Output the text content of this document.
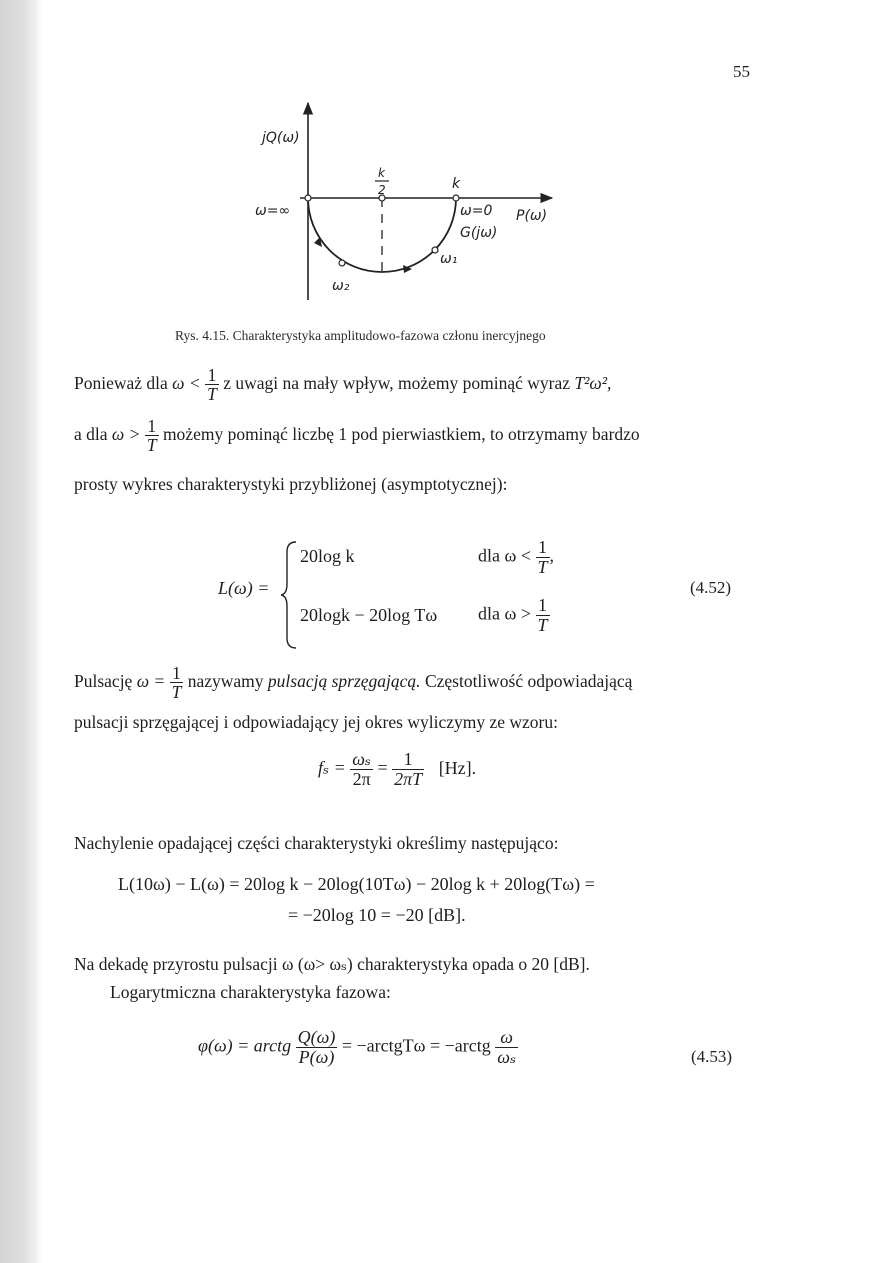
55
jQ(ω)
P(ω)
ω=∞
k
2	k
ω=0
G(jω)
ω₁
ω₂
Rys. 4.15. Charakterystyka amplitudowo-fazowa członu inercyjnego
Ponieważ dla $\omega < \frac{1}{T}$ z uwagi na mały wpływ, możemy pominąć wyraz T²ω²,
a dla $\omega > \frac{1}{T}$ możemy pominąć liczbę 1 pod pierwiastkiem, to otrzymamy bardzo
prosty wykres charakterystyki przybliżonej (asymptotycznej):
L(ω) =
20log k	dla $\omega < \frac{1}{T}$ ,
20logk − 20log Tω dla $\omega > \frac{1}{T}$
(4.52)
Pulsację $\omega = \frac{1}{T}$ nazywamy pulsacją sprzęgającą. Częstotliwość odpowiadającą
pulsacji sprzęgającej i odpowiadający jej okres wyliczymy ze wzoru:
$f_s = \frac{\text{ωₛ}}{2\pi} = \frac{1}{2\pi T} [Hz]$.
Nachylenie opadającej części charakterystyki określimy następująco:
L(10ω) − L(ω) = 20log k − 20log(10Tω) − 20log k + 20log(Tω) =
= −20log 10 = −20 [dB].
Na dekadę przyrostu pulsacji ω (ω> ωₛ) charakterystyka opada o 20 [dB].
Logarytmiczna charakterystyka fazowa:
φ(ω) = arctg $\frac{Q(\omega)}{P(\omega)}$ = −arctgTω = −arctg $\frac{\omega}{\text{ωₛ}}$	(4.53)
